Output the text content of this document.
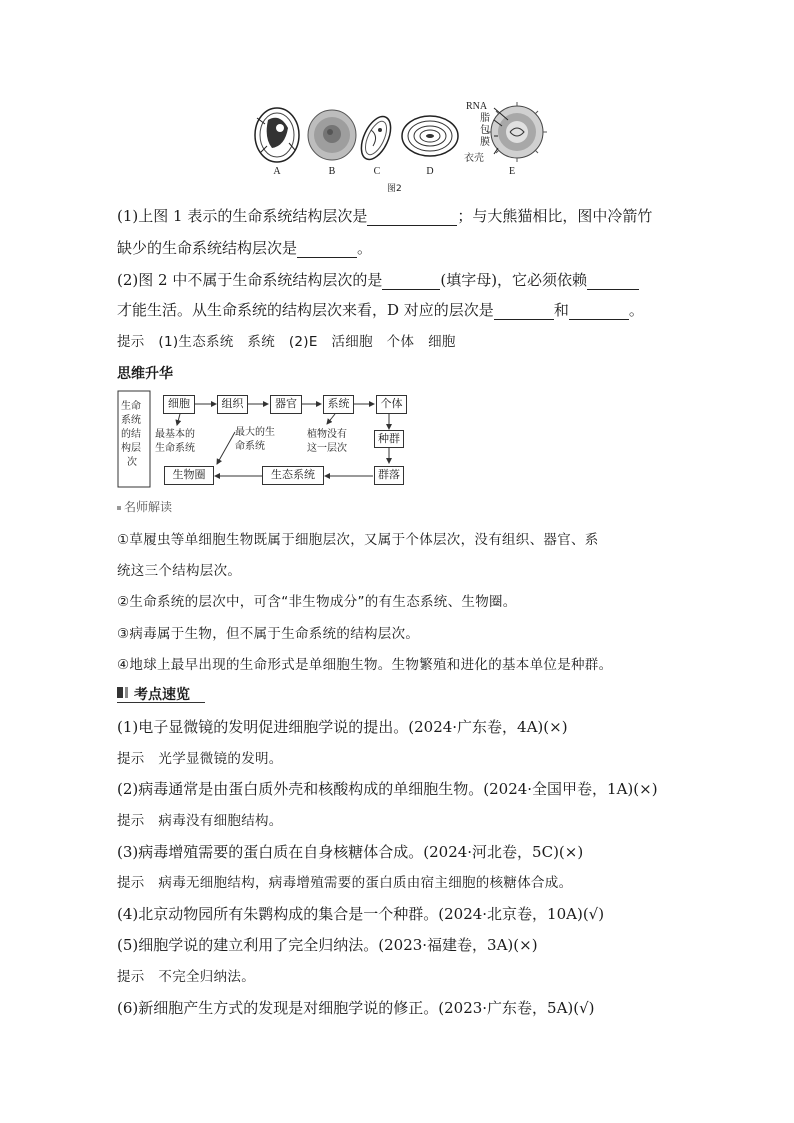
RNA
脂
包
膜
衣壳
A	B	C	D	E
图2
(1)上图 1 表示的生命系统结构层次是	；与大熊猫相比，图中冷箭竹
缺少的生命系统结构层次是	。
(2)图 2 中不属于生命系统结构层次的是	(填字母)，它必须依赖
才能生活。从生命系统的结构层次来看，D 对应的层次是	和	。
提示　(1)生态系统　系统　(2)E　活细胞　个体　细胞
思维升华
生命
系统
的结
构层
次
细胞	组织	器官	系统	个体
种群
群落
生态系统
生物圈
最基本的
生命系统
最大的生
命系统
植物没有
这一层次
名师解读
①草履虫等单细胞生物既属于细胞层次，又属于个体层次，没有组织、器官、系
统这三个结构层次。
②生命系统的层次中，可含“非生物成分”的有生态系统、生物圈。
③病毒属于生物，但不属于生命系统的结构层次。
④地球上最早出现的生命形式是单细胞生物。生物繁殖和进化的基本单位是种群。
考点速览
(1)电子显微镜的发明促进细胞学说的提出。(2024·广东卷，4A)(×)
提示　光学显微镜的发明。
(2)病毒通常是由蛋白质外壳和核酸构成的单细胞生物。(2024·全国甲卷，1A)(×)
提示　病毒没有细胞结构。
(3)病毒增殖需要的蛋白质在自身核糖体合成。(2024·河北卷，5C)(×)
提示　病毒无细胞结构，病毒增殖需要的蛋白质由宿主细胞的核糖体合成。
(4)北京动物园所有朱鹮构成的集合是一个种群。(2024·北京卷，10A)(√)
(5)细胞学说的建立利用了完全归纳法。(2023·福建卷，3A)(×)
提示　不完全归纳法。
(6)新细胞产生方式的发现是对细胞学说的修正。(2023·广东卷，5A)(√)
